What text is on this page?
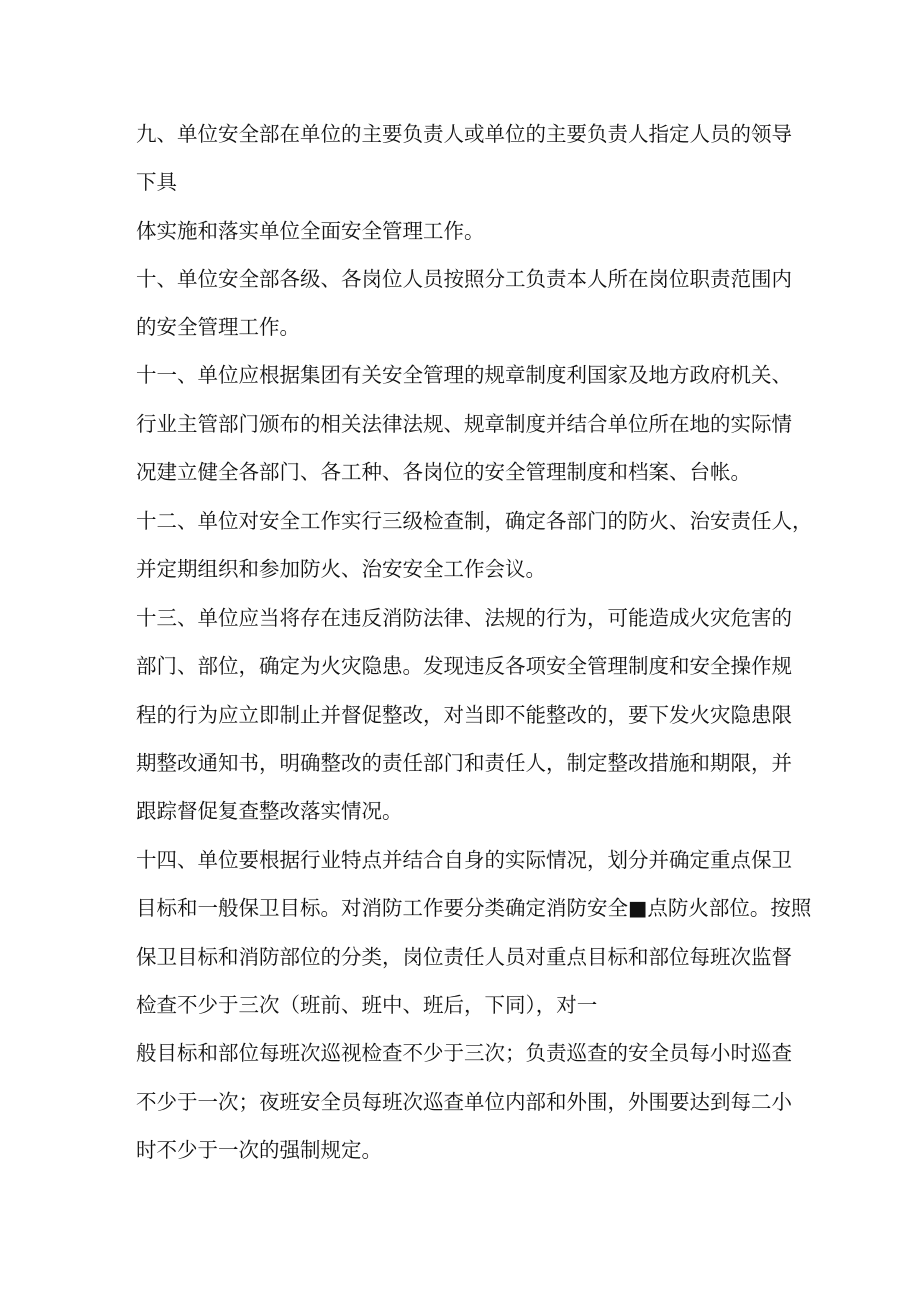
九、单位安全部在单位的主要负责人或单位的主要负责人指定人员的领导
下具
体实施和落实单位全面安全管理工作。
十、单位安全部各级、各岗位人员按照分工负责本人所在岗位职责范围内
的安全管理工作。
十一、单位应根据集团有关安全管理的规章制度利国家及地方政府机关、
行业主管部门颁布的相关法律法规、规章制度并结合单位所在地的实际情
况建立健全各部门、各工种、各岗位的安全管理制度和档案、台帐。
十二、单位对安全工作实行三级检查制，确定各部门的防火、治安责任人，
并定期组织和参加防火、治安安全工作会议。
十三、单位应当将存在违反消防法律、法规的行为，可能造成火灾危害的
部门、部位，确定为火灾隐患。发现违反各项安全管理制度和安全操作规
程的行为应立即制止并督促整改，对当即不能整改的，要下发火灾隐患限
期整改通知书，明确整改的责任部门和责任人，制定整改措施和期限，并
跟踪督促复查整改落实情况。
十四、单位要根据行业特点并结合自身的实际情况，划分并确定重点保卫
目标和一般保卫目标。对消防工作要分类确定消防安全■点防火部位。按照
保卫目标和消防部位的分类，岗位责任人员对重点目标和部位每班次监督
检查不少于三次（班前、班中、班后，下同），对一
般目标和部位每班次巡视检查不少于三次；负责巡查的安全员每小时巡查
不少于一次；夜班安全员每班次巡查单位内部和外围，外围要达到每二小
时不少于一次的强制规定。
